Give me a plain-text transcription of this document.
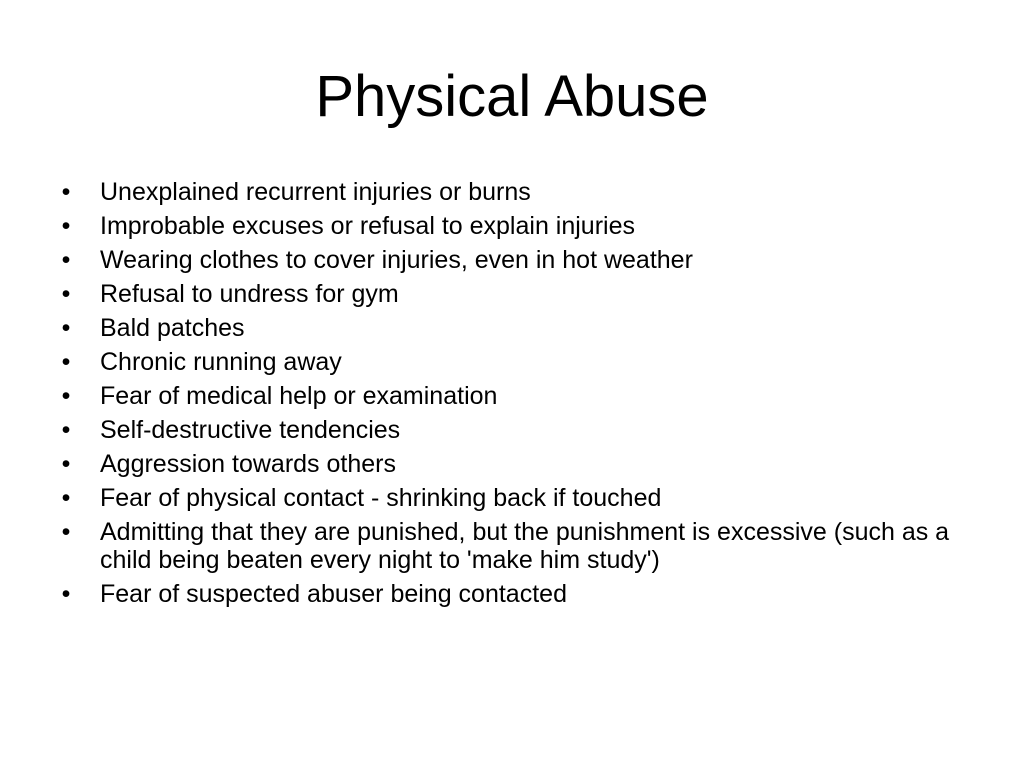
Physical Abuse
• Unexplained recurrent injuries or burns
• Improbable excuses or refusal to explain injuries
• Wearing clothes to cover injuries, even in hot weather
• Refusal to undress for gym
• Bald patches
• Chronic running away
• Fear of medical help or examination
• Self-destructive tendencies
• Aggression towards others
• Fear of physical contact - shrinking back if touched
• Admitting that they are punished, but the punishment is excessive (such as a child being beaten every night to 'make him study')
• Fear of suspected abuser being contacted
